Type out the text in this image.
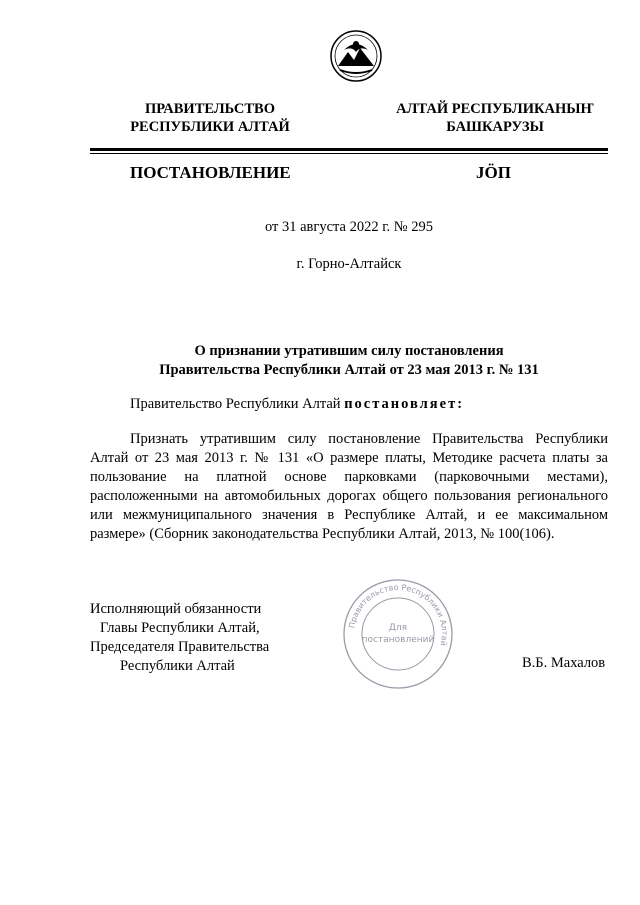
ПРАВИТЕЛЬСТВО
РЕСПУБЛИКИ АЛТАЙ
АЛТАЙ РЕСПУБЛИКАНЫҤ
БАШКАРУЗЫ
ПОСТАНОВЛЕНИЕ	JÖП
от 31 августа 2022 г. № 295
г. Горно-Алтайск
О признании утратившим силу постановления
Правительства Республики Алтай от 23 мая 2013 г. № 131
Правительство Республики Алтай постановляет:
Признать утратившим силу постановление Правительства Республики Алтай от 23 мая 2013 г. № 131 «О размере платы, Методике расчета платы за пользование на платной основе парковками (парковочными местами), расположенными на автомобильных дорогах общего пользования регионального или межмуниципального значения в Республике Алтай, и ее максимальном размере» (Сборник законодательства Республики Алтай, 2013, № 100(106).
Исполняющий обязанности
Главы Республики Алтай,
Председателя Правительства
Республики Алтай	В.Б. Махалов
Правительство Республики Алтай
Для
постановлений
